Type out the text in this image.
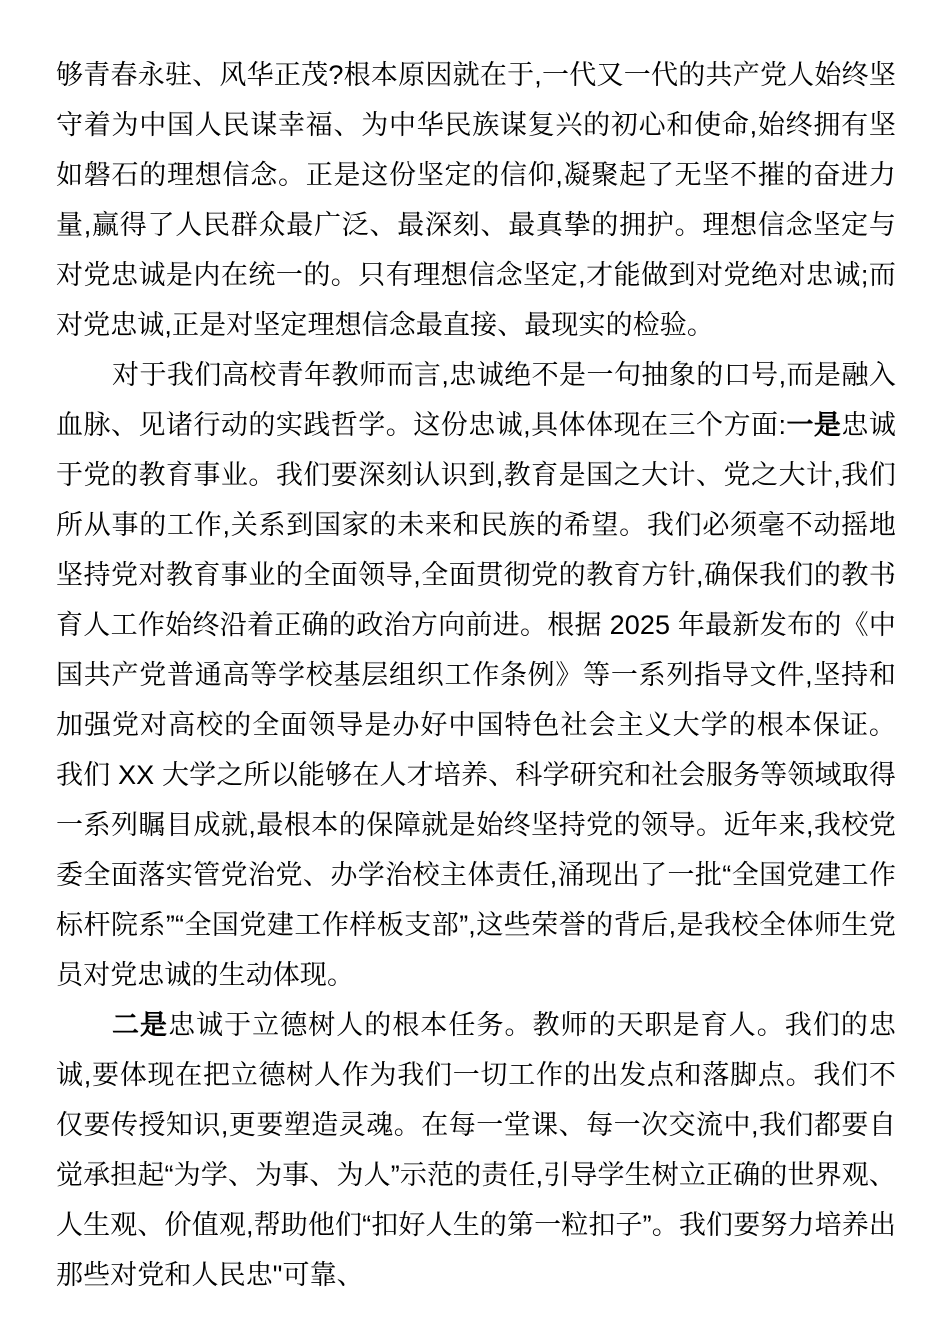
够青春永驻、风华正茂?根本原因就在于,一代又一代的共产党人始终坚守着为中国人民谋幸福、为中华民族谋复兴的初心和使命,始终拥有坚如磐石的理想信念。正是这份坚定的信仰,凝聚起了无坚不摧的奋进力量,赢得了人民群众最广泛、最深刻、最真挚的拥护。理想信念坚定与对党忠诚是内在统一的。只有理想信念坚定,才能做到对党绝对忠诚;而对党忠诚,正是对坚定理想信念最直接、最现实的检验。

对于我们高校青年教师而言,忠诚绝不是一句抽象的口号,而是融入血脉、见诸行动的实践哲学。这份忠诚,具体体现在三个方面:一是忠诚于党的教育事业。我们要深刻认识到,教育是国之大计、党之大计,我们所从事的工作,关系到国家的未来和民族的希望。我们必须毫不动摇地坚持党对教育事业的全面领导,全面贯彻党的教育方针,确保我们的教书育人工作始终沿着正确的政治方向前进。根据 2025 年最新发布的《中国共产党普通高等学校基层组织工作条例》等一系列指导文件,坚持和加强党对高校的全面领导是办好中国特色社会主义大学的根本保证。我们 XX 大学之所以能够在人才培养、科学研究和社会服务等领域取得一系列瞩目成就,最根本的保障就是始终坚持党的领导。近年来,我校党委全面落实管党治党、办学治校主体责任,涌现出了一批“全国党建工作标杆院系”“全国党建工作样板支部”,这些荣誉的背后,是我校全体师生党员对党忠诚的生动体现。

二是忠诚于立德树人的根本任务。教师的天职是育人。我们的忠诚,要体现在把立德树人作为我们一切工作的出发点和落脚点。我们不仅要传授知识,更要塑造灵魂。在每一堂课、每一次交流中,我们都要自觉承担起“为学、为事、为人”示范的责任,引导学生树立正确的世界观、人生观、价值观,帮助他们“扣好人生的第一粒扣子”。我们要努力培养出那些对党和人民忠"可靠、
